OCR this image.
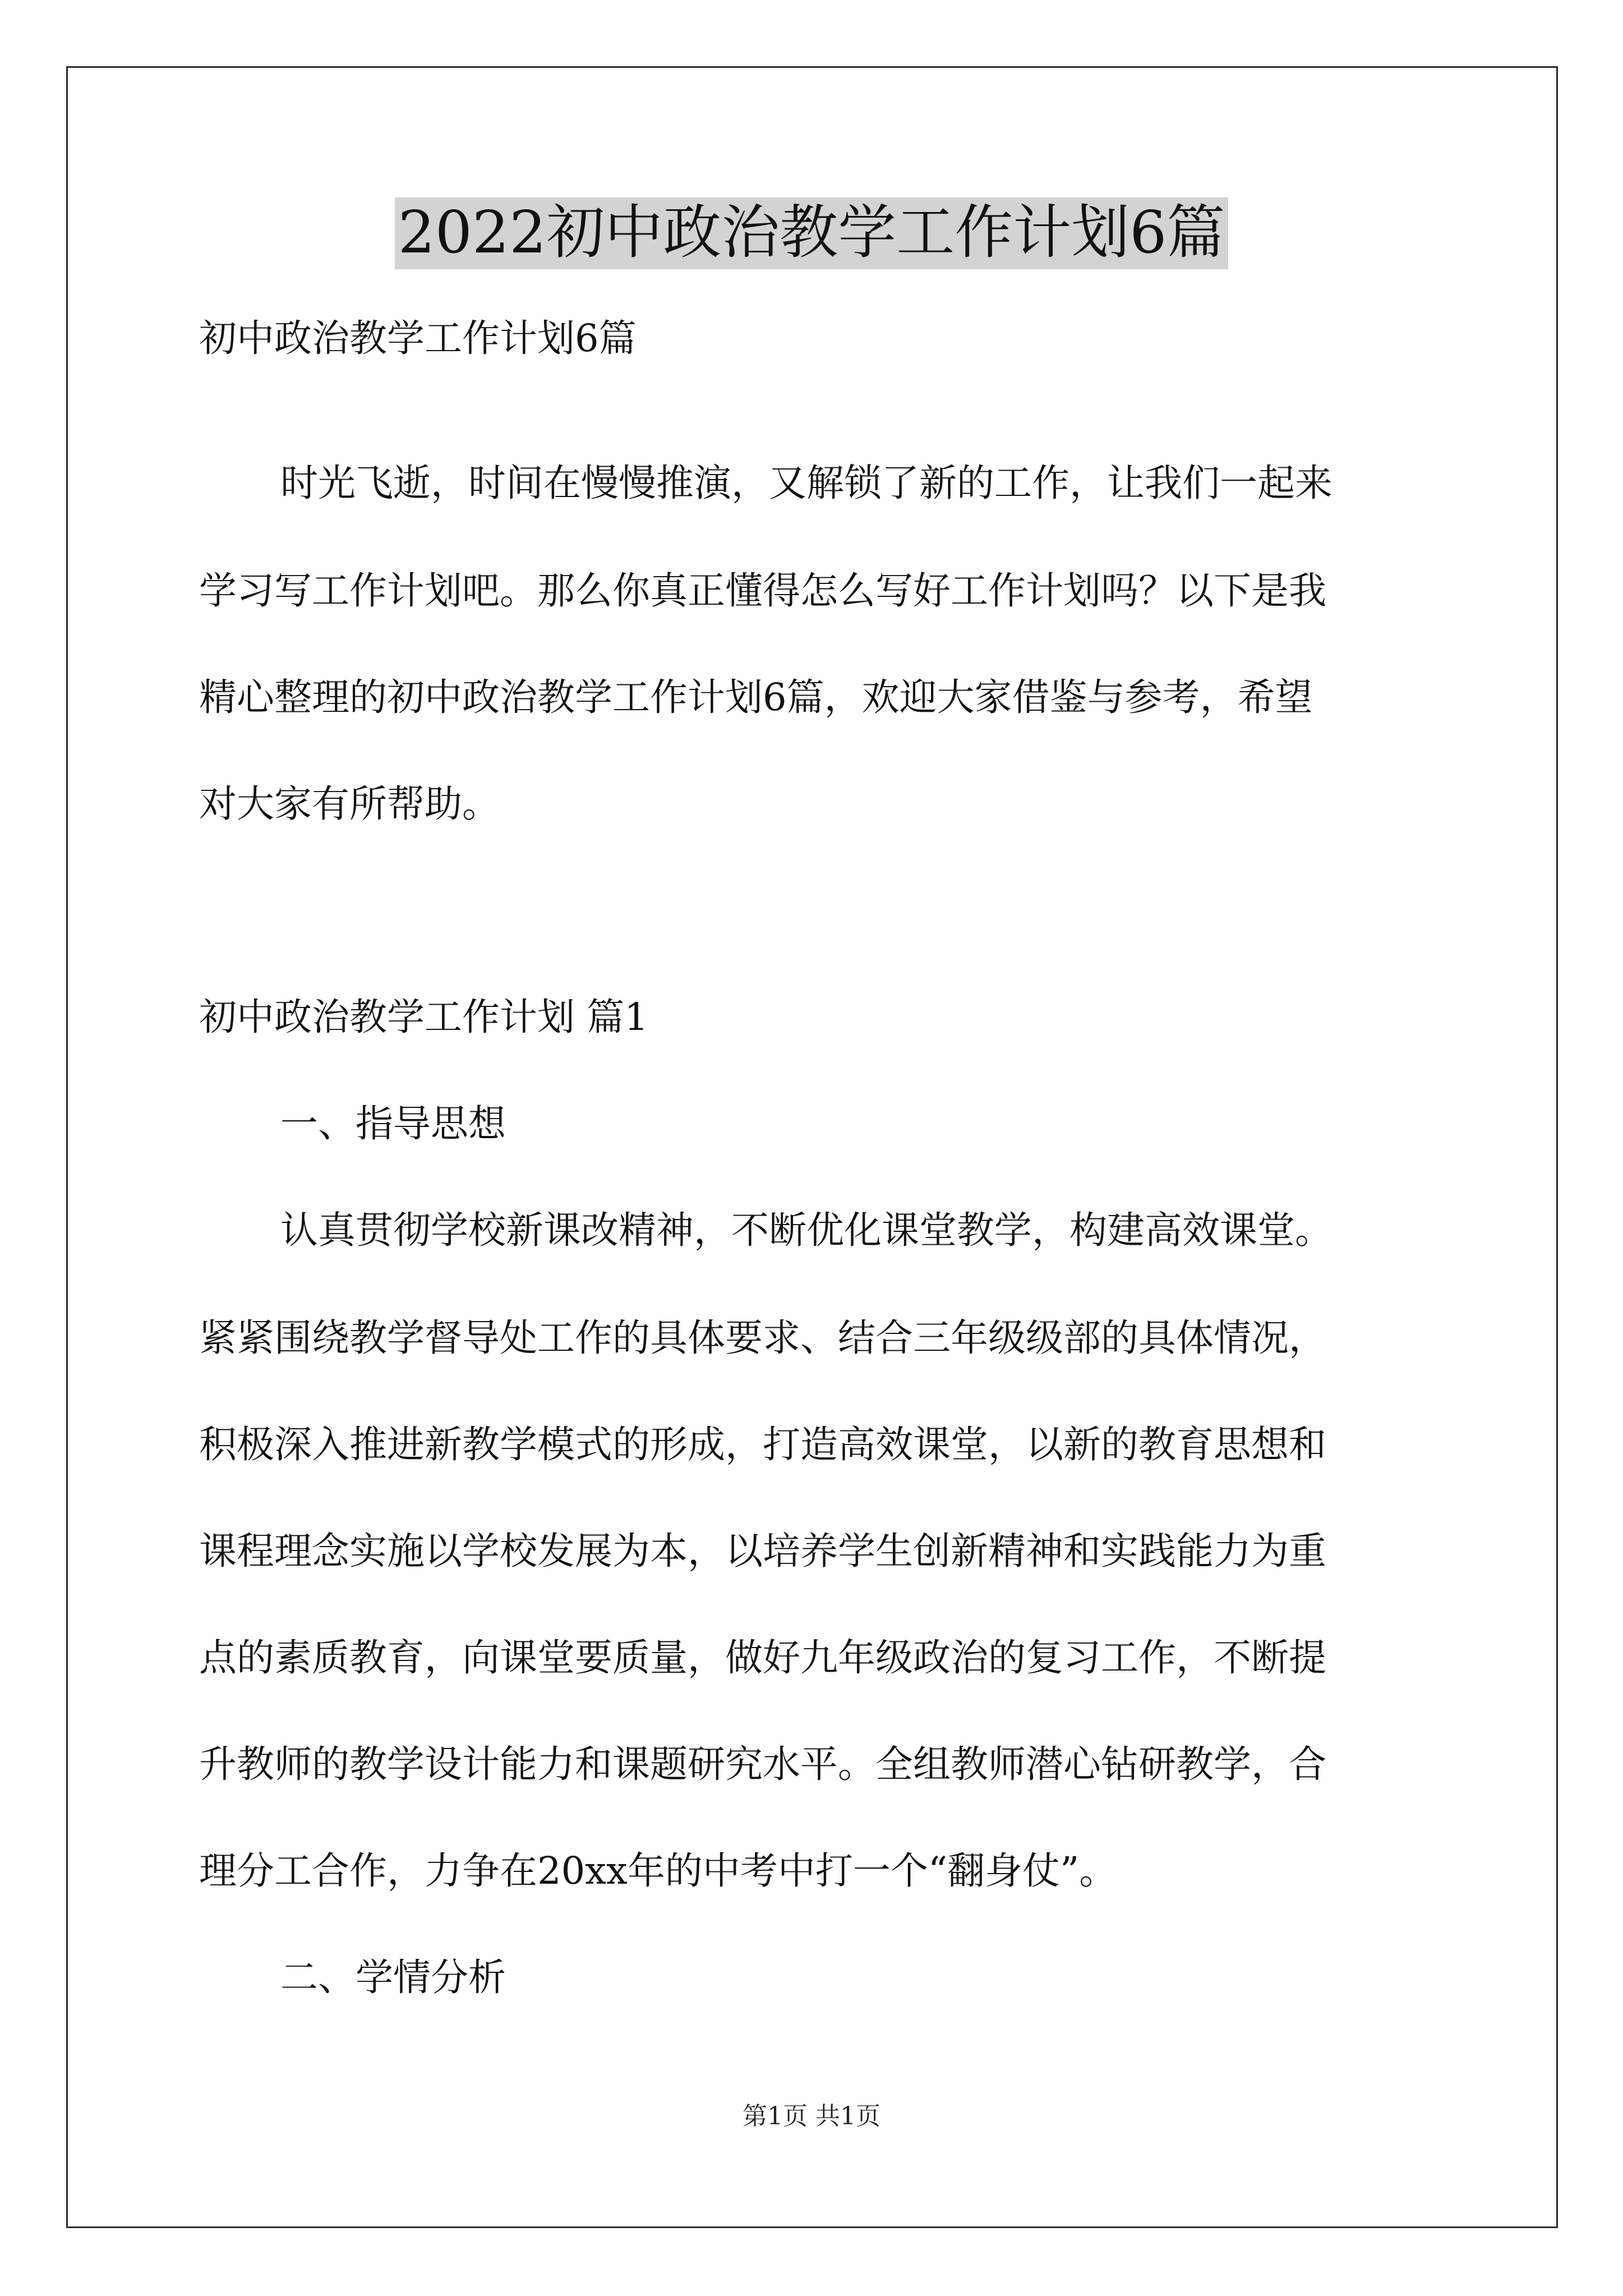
2022初中政治教学工作计划6篇
初中政治教学工作计划6篇
时光飞逝，时间在慢慢推演，又解锁了新的工作，让我们一起来
学习写工作计划吧。那么你真正懂得怎么写好工作计划吗？以下是我
精心整理的初中政治教学工作计划6篇，欢迎大家借鉴与参考，希望
对大家有所帮助。
初中政治教学工作计划 篇1
一、指导思想
认真贯彻学校新课改精神，不断优化课堂教学，构建高效课堂。
紧紧围绕教学督导处工作的具体要求、结合三年级级部的具体情况，
积极深入推进新教学模式的形成，打造高效课堂，以新的教育思想和
课程理念实施以学校发展为本，以培养学生创新精神和实践能力为重
点的素质教育，向课堂要质量，做好九年级政治的复习工作，不断提
升教师的教学设计能力和课题研究水平。全组教师潜心钻研教学，合
理分工合作，力争在20xx年的中考中打一个“翻身仗”。
二、学情分析
第1页 共1页
